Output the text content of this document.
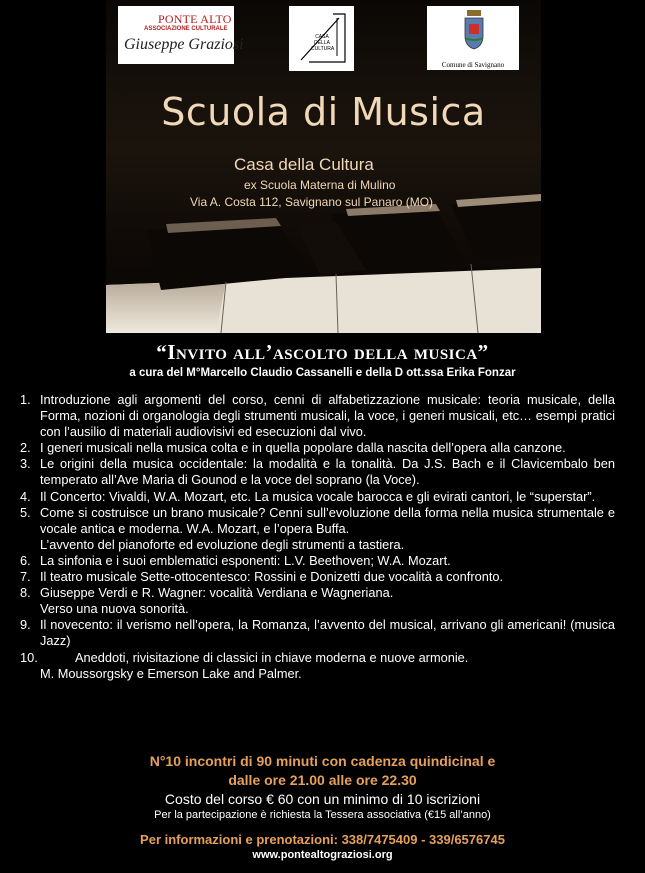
PONTE ALTO
ASSOCIAZIONE CULTURALE
Giuseppe Graziosi	CASA DELLA CULTURA
Comune di Savignano
Scuola di Musica
Casa della Cultura
ex Scuola Materna di Mulino
Via A. Costa 112, Savignano sul Panaro (MO)
“Invito all’ascolto della musica”
a cura del M°Marcello Claudio Cassanelli e della D ott.ssa Erika Fonzar
1. Introduzione agli argomenti del corso, cenni di alfabetizzazione musicale: teoria musicale, della Forma, nozioni di organologia degli strumenti musicali, la voce, i generi musicali, etc… esempi pratici con l’ausilio di materiali audiovisivi ed esecuzioni dal vivo.
2. I generi musicali nella musica colta e in quella popolare dalla nascita dell’opera alla canzone.
3. Le origini della musica occidentale: la modalità e la tonalità. Da J.S. Bach e il Clavicembalo ben temperato all’Ave Maria di Gounod e la voce del soprano (la Voce).
4. Il Concerto: Vivaldi, W.A. Mozart, etc. La musica vocale barocca e gli evirati cantori, le “superstar”.
5. Come si costruisce un brano musicale? Cenni sull’evoluzione della forma nella musica strumentale e vocale antica e moderna. W.A. Mozart, e l’opera Buffa.
L’avvento del pianoforte ed evoluzione degli strumenti a tastiera.
6. La sinfonia e i suoi emblematici esponenti: L.V. Beethoven; W.A. Mozart.
7. Il teatro musicale Sette-ottocentesco: Rossini e Donizetti due vocalità a confronto.
8. Giuseppe Verdi e R. Wagner: vocalità Verdiana e Wagneriana.
Verso una nuova sonorità.
9. Il novecento: il verismo nell’opera, la Romanza, l’avvento del musical, arrivano gli americani! (musica Jazz)
10.	Aneddoti, rivisitazione di classici in chiave moderna e nuove armonie.
M. Moussorgsky e Emerson Lake and Palmer.
N°10 incontri di 90 minuti con cadenza quindicinal e
dalle ore 21.00 alle ore 22.30
Costo del corso € 60 con un minimo di 10 iscrizioni
Per la partecipazione è richiesta la Tessera associativa (€15 all’anno)
Per informazioni e prenotazioni: 338/7475409 - 339/6576745
www.pontealtograziosi.org
